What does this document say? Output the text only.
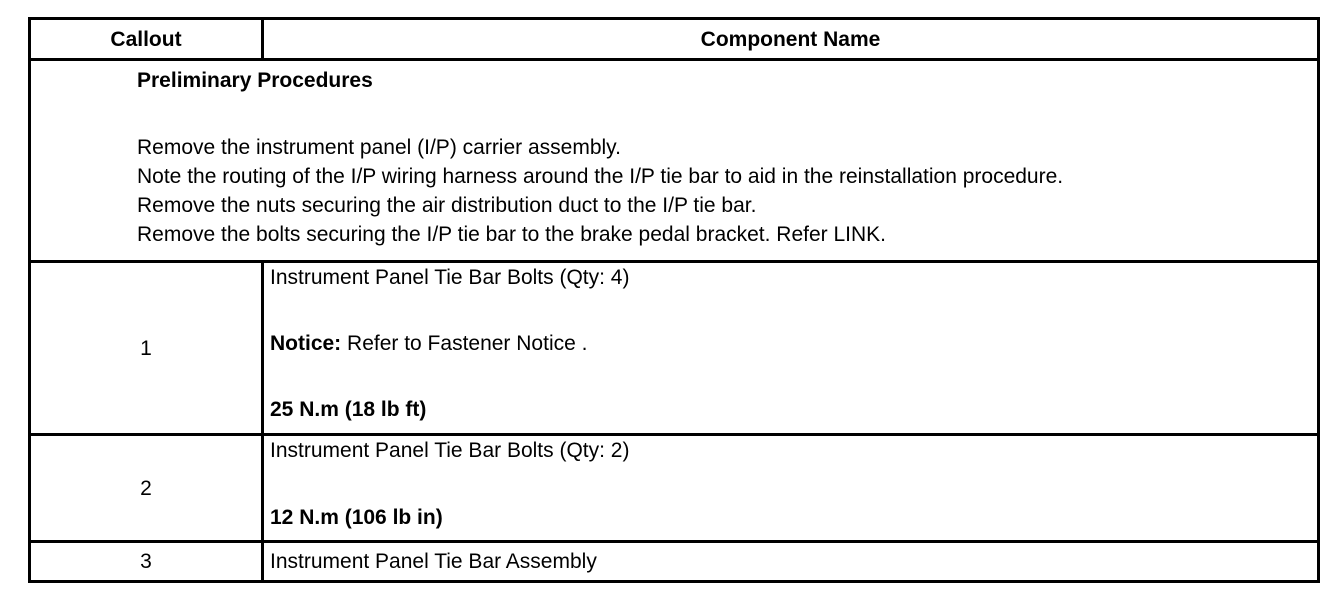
Callout	Component Name

Preliminary Procedures
Remove the instrument panel (I/P) carrier assembly.
Note the routing of the I/P wiring harness around the I/P tie bar to aid in the reinstallation procedure.
Remove the nuts securing the air distribution duct to the I/P tie bar.
Remove the bolts securing the I/P tie bar to the brake pedal bracket. Refer LINK.	

1	Instrument Panel Tie Bar Bolts (Qty: 4)
Notice: Refer to Fastener Notice .
25 N.m (18 lb ft)

2	Instrument Panel Tie Bar Bolts (Qty: 2)
12 N.m (106 lb in)

3	Instrument Panel Tie Bar Assembly
